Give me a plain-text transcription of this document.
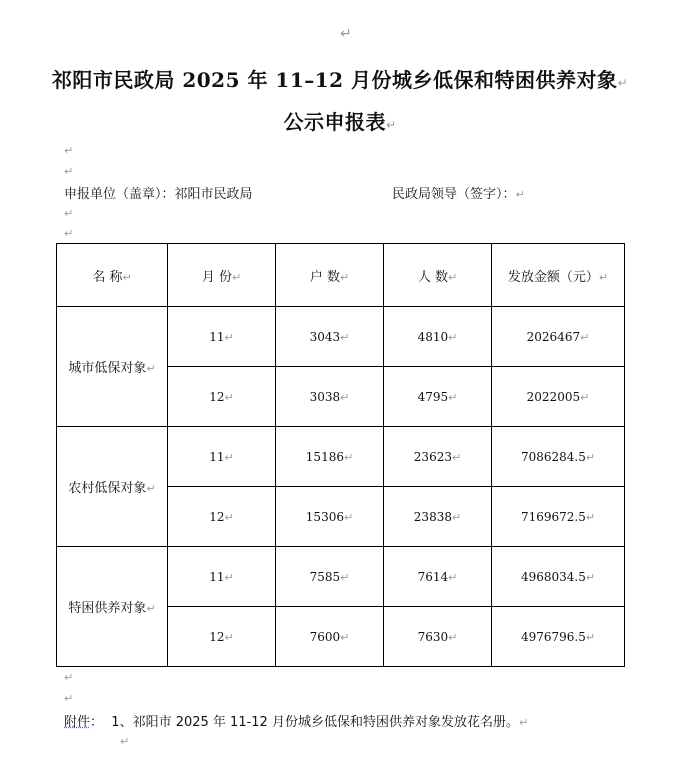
↵
祁阳市民政局 2025 年 11–12 月份城乡低保和特困供养对象↵
公示申报表↵
↵
↵
申报单位（盖章）：祁阳市民政局	民政局领导（签字）：↵
↵
↵
名 称↵	月 份↵	户 数↵	人 数↵	发放金额（元）↵
城市低保对象↵	11↵	3043↵	4810↵	2026467↵
	12↵	3038↵	4795↵	2022005↵
农村低保对象↵	11↵	15186↵	23623↵	7086284.5↵
	12↵	15306↵	23838↵	7169672.5↵
特困供养对象↵	11↵	7585↵	7614↵	4968034.5↵
	12↵	7600↵	7630↵	4976796.5↵
↵
↵
附件： 1、祁阳市 2025 年 11-12 月份城乡低保和特困供养对象发放花名册。↵
↵
